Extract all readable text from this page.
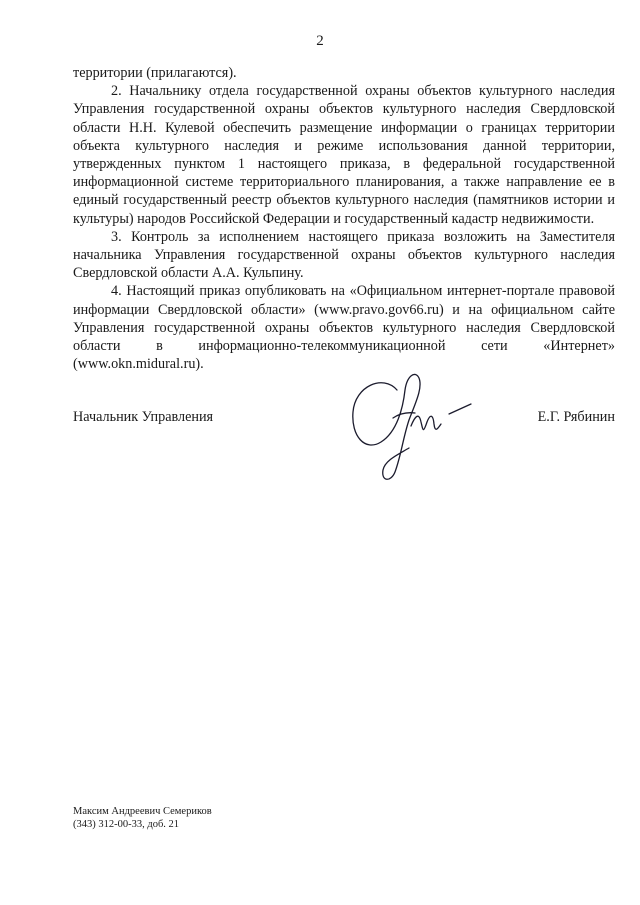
2

территории (прилагаются).

2. Начальнику отдела государственной охраны объектов культурного наследия Управления государственной охраны объектов культурного наследия Свердловской области Н.Н. Кулевой обеспечить размещение информации о границах территории объекта культурного наследия и режиме использования данной территории, утвержденных пунктом 1 настоящего приказа, в федеральной государственной информационной системе территориального планирования, а также направление ее в единый государственный реестр объектов культурного наследия (памятников истории и культуры) народов Российской Федерации и государственный кадастр недвижимости.

3. Контроль за исполнением настоящего приказа возложить на Заместителя начальника Управления государственной охраны объектов культурного наследия Свердловской области А.А. Кульпину.

4. Настоящий приказ опубликовать на «Официальном интернет-портале правовой информации Свердловской области» (www.pravo.gov66.ru) и на официальном сайте Управления государственной охраны объектов культурного наследия Свердловской области в информационно-телекоммуникационной сети «Интернет» (www.okn.midural.ru).

Начальник Управления	Е.Г. Рябинин
Максим Андреевич Семериков
(343) 312-00-33, доб. 21
